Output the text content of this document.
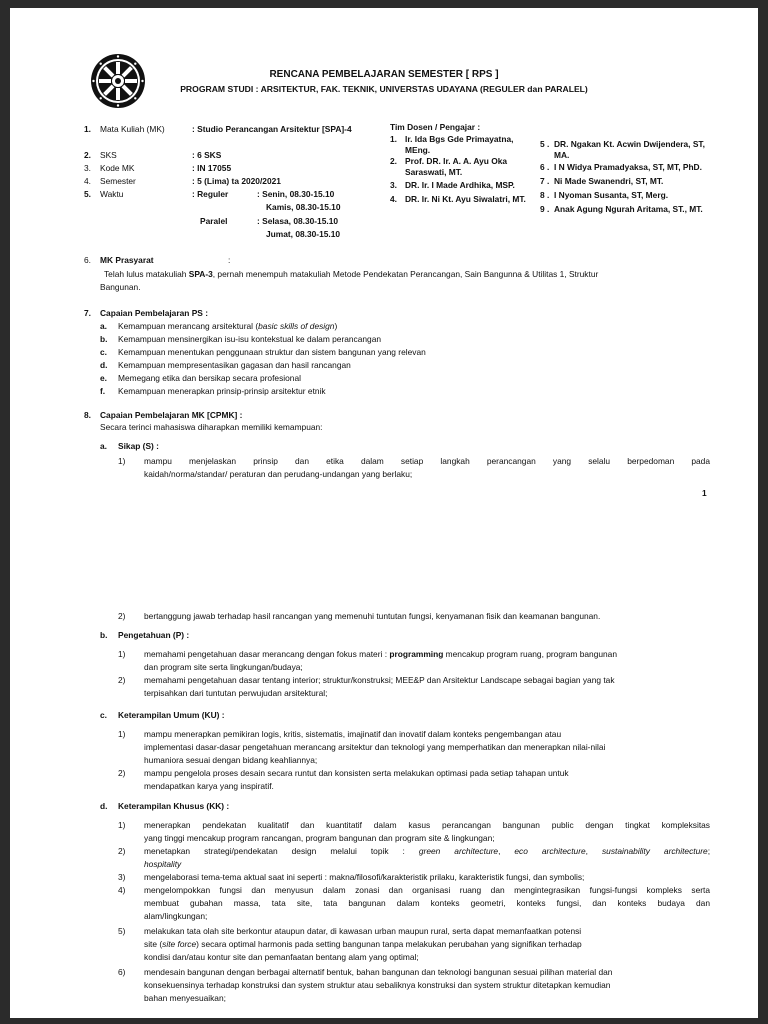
RENCANA PEMBELAJARAN SEMESTER [ RPS ]
PROGRAM STUDI : ARSITEKTUR, FAK. TEKNIK, UNIVERSTAS UDAYANA (REGULER dan PARALEL)
1. Mata Kuliah (MK)	: Studio Perancangan Arsitektur [SPA]-4
2. SKS	: 6 SKS
3. Kode MK	: IN 17055
4. Semester	: 5 (Lima) ta 2020/2021
5. Waktu	: Reguler	: Senin, 08.30-15.10
Kamis, 08.30-15.10
Paralel	: Selasa, 08.30-15.10
Jumat, 08.30-15.10
Tim Dosen / Pengajar :
1. Ir. Ida Bgs Gde Primayatna,
MEng.
2. Prof. DR. Ir. A. A. Ayu Oka
Saraswati, MT.
3. DR. Ir. I Made Ardhika, MSP.
4. DR. Ir. Ni Kt. Ayu Siwalatri, MT.
5 . DR. Ngakan Kt. Acwin Dwijendera, ST,
MA.
6 . I N Widya Pramadyaksa, ST, MT, PhD.
7 . Ni Made Swanendri, ST, MT.
8 . I Nyoman Susanta, ST, Merg.
9 . Anak Agung Ngurah Aritama, ST., MT.
6. MK Prasyarat	:
Telah lulus matakuliah SPA-3, pernah menempuh matakuliah Metode Pendekatan Perancangan, Sain Bangunna & Utilitas 1, Struktur
Bangunan.
7. Capaian Pembelajaran PS :
a.	Kemampuan merancang arsitektural (basic skills of design)
b.	Kemampuan mensinergikan isu-isu kontekstual ke dalam perancangan
c.	Kemampuan menentukan penggunaan struktur dan sistem bangunan yang relevan
d.	Kemampuan mempresentasikan gagasan dan hasil rancangan
e.	Memegang etika dan bersikap secara profesional
f.	Kemampuan menerapkan prinsip-prinsip arsitektur etnik
8. Capaian Pembelajaran MK [CPMK] :
Secara terinci mahasiswa diharapkan memiliki kemampuan:
a. Sikap (S) :
1) mampu menjelaskan prinsip dan etika dalam setiap langkah perancangan yang selalu berpedoman pada
kaidah/norma/standar/ peraturan dan perudang-undangan yang berlaku;
1
2) bertanggung jawab terhadap hasil rancangan yang memenuhi tuntutan fungsi, kenyamanan fisik dan keamanan bangunan.
b. Pengetahuan (P) :
1) memahami pengetahuan dasar merancang dengan fokus materi : programming mencakup program ruang, program bangunan
dan program site serta lingkungan/budaya;
2) memahami pengetahuan dasar tentang interior; struktur/konstruksi; MEE&P dan Arsitektur Landscape sebagai bagian yang tak
terpisahkan dari tuntutan perwujudan arsitektural;
c. Keterampilan Umum (KU) :
1) mampu menerapkan pemikiran logis, kritis, sistematis, imajinatif dan inovatif dalam konteks pengembangan atau
implementasi dasar-dasar pengetahuan merancang arsitektur dan teknologi yang memperhatikan dan menerapkan nilai-nilai
humaniora sesuai dengan bidang keahliannya;
2) mampu pengelola proses desain secara runtut dan konsisten serta melakukan optimasi pada setiap tahapan untuk
mendapatkan karya yang inspiratif.
d. Keterampilan Khusus (KK) :
1) menerapkan pendekatan kualitatif dan kuantitatif dalam kasus perancangan bangunan public dengan tingkat kompleksitas
yang tinggi mencakup program rancangan, program bangunan dan program site & lingkungan;
2) menetapkan strategi/pendekatan design melalui topik : green architecture, eco architecture, sustainability architecture;
hospitality
3) mengelaborasi tema-tema aktual saat ini seperti : makna/filosofi/karakteristik prilaku, karakteristik fungsi, dan symbolis;
4) mengelompokkan fungsi dan menyusun dalam zonasi dan organisasi ruang dan mengintegrasikan fungsi-fungsi kompleks serta
membuat gubahan massa, tata site, tata bangunan dalam konteks geometri, konteks fungsi, dan konteks budaya dan
alam/lingkungan;
5) melakukan tata olah site berkontur ataupun datar, di kawasan urban maupun rural, serta dapat memanfaatkan potensi
site (site force) secara optimal harmonis pada setting bangunan tanpa melakukan perubahan yang signifikan terhadap
kondisi dan/atau kontur site dan pemanfaatan bentang alam yang optimal;
6) mendesain bangunan dengan berbagai alternatif bentuk, bahan bangunan dan teknologi bangunan sesuai pilihan material dan
konsekuensinya terhadap konstruksi dan system struktur atau sebaliknya konstruksi dan system struktur ditetapkan kemudian
bahan menyesuaikan;
